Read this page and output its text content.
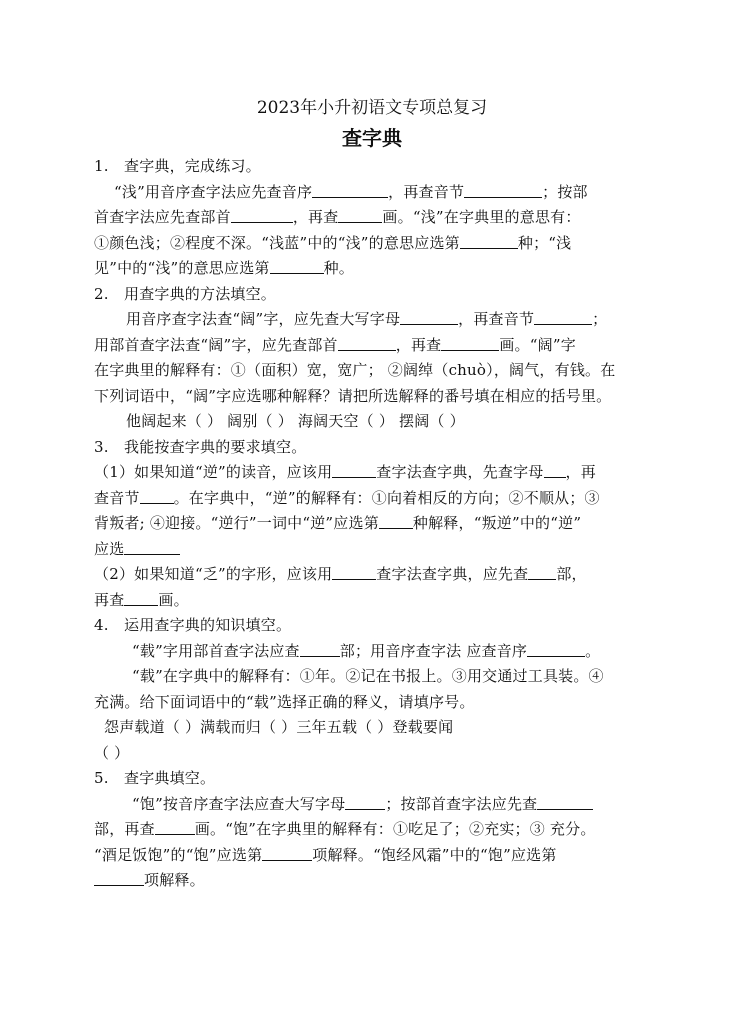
2023年小升初语文专项总复习
查字典
1. 查字典，完成练习。
“浅”用音序查字法应先查音序	，再查音节	；按部
首查字法应先查部首	，再查	画。“浅”在字典里的意思有：
①颜色浅；②程度不深。“浅蓝”中的“浅”的意思应选第	种；“浅
见”中的“浅”的意思应选第	种。
2. 用查字典的方法填空。
用音序查字法查“阔”字，应先查大写字母	，再查音节	；
用部首查字法查“阔”字，应先查部首	，再查	画。“阔”字
在字典里的解释有：①（面积）宽，宽广； ②阔绰（chuò），阔气，有钱。在
下列词语中，“阔”字应选哪种解释？请把所选解释的番号填在相应的括号里。
他阔起来（ ） 阔别（ ） 海阔天空（ ） 摆阔（ ）
3. 我能按查字典的要求填空。
（1）如果知道“逆”的读音，应该用	查字法查字典，先查字母 ，再
查音节 。在字典中，“逆”的解释有：①向着相反的方向；②不顺从；③
背叛者; ④迎接。“逆行”一词中“逆”应选第 种解释，“叛逆”中的“逆”
应选
（2）如果知道“乏”的字形，应该用	查字法查字典，应先查 部，
再查 画。
4. 运用查字典的知识填空。
“载”字用部首查字法应查	部；用音序查字法 应查音序	。
“载”在字典中的解释有：①年。②记在书报上。③用交通过工具装。④
充满。给下面词语中的“载”选择正确的释义，请填序号。
怨声载道（ ）满载而归（ ）三年五载（ ）登载要闻
（ ）
5. 查字典填空。
“饱”按音序查字法应查大写字母	；按部首查字法应先查
部，再查	画。“饱”在字典里的解释有：①吃足了；②充实；③ 充分。
“酒足饭饱”的“饱”应选第	项解释。“饱经风霜”中的“饱”应选第
项解释。
